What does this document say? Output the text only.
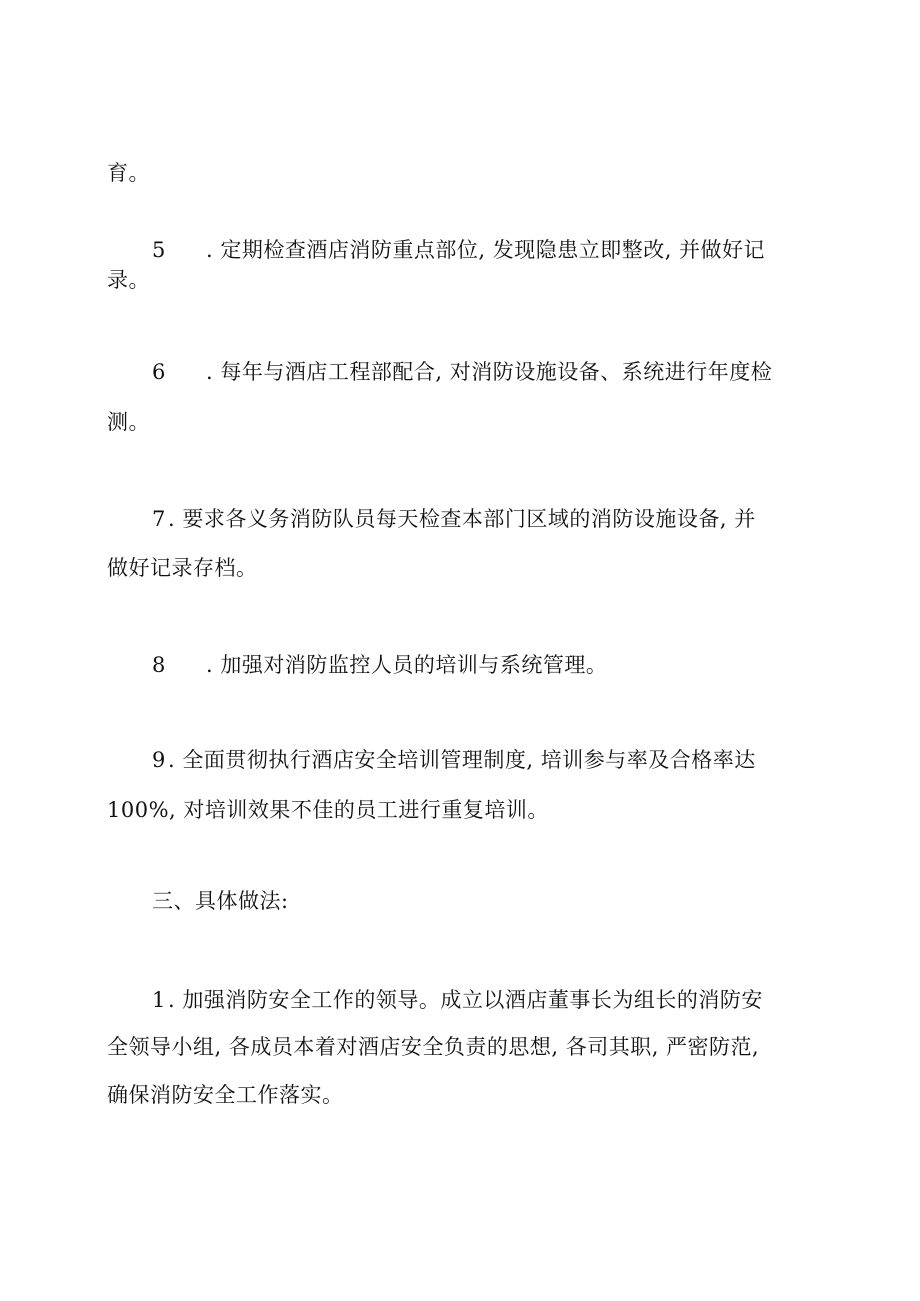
育。
5 . 定期检查酒店消防重点部位, 发现隐患立即整改, 并做好记
录。
6 . 每年与酒店工程部配合, 对消防设施设备、系统进行年度检
测。
7 . 要求各义务消防队员每天检查本部门区域的消防设施设备, 并
做好记录存档。
8 . 加强对消防监控人员的培训与系统管理。
9 . 全面贯彻执行酒店安全培训管理制度, 培训参与率及合格率达
100%, 对培训效果不佳的员工进行重复培训。
三、具体做法:
1 . 加强消防安全工作的领导。成立以酒店董事长为组长的消防安
全领导小组, 各成员本着对酒店安全负责的思想, 各司其职, 严密防范,
确保消防安全工作落实。
